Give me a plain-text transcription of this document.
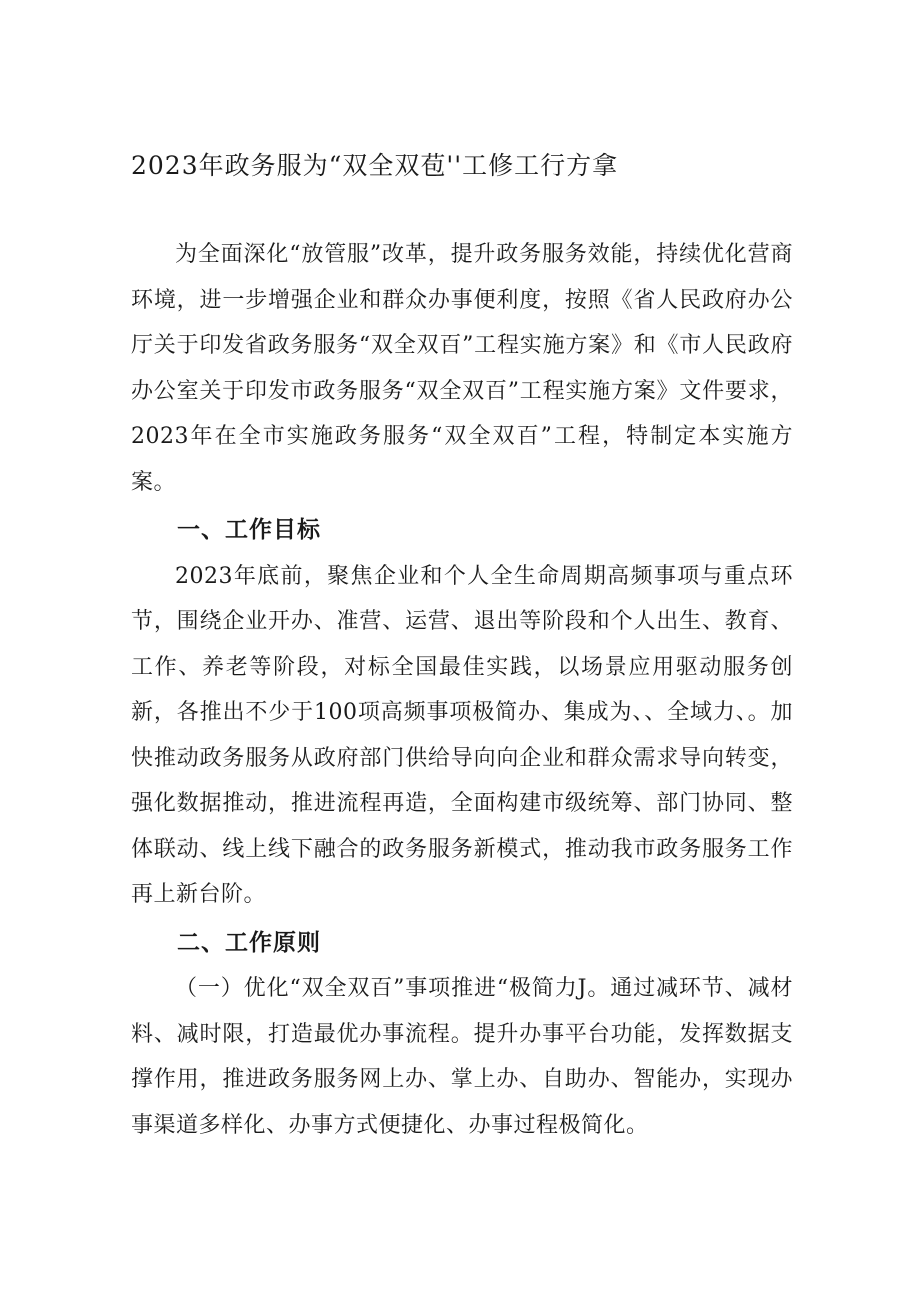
2023年政务服为“双全双苞''工修工行方拿

为全面深化“放管服”改革，提升政务服务效能，持续优化营商环境，进一步增强企业和群众办事便利度，按照《省人民政府办公厅关于印发省政务服务“双全双百”工程实施方案》和《市人民政府办公室关于印发市政务服务“双全双百”工程实施方案》文件要求，2023年在全市实施政务服务“双全双百”工程，特制定本实施方案。

一、工作目标

2023年底前，聚焦企业和个人全生命周期高频事项与重点环节，围绕企业开办、准营、运营、退出等阶段和个人出生、教育、工作、养老等阶段，对标全国最佳实践，以场景应用驱动服务创新，各推出不少于100项高频事项极简办、集成为、、全域力、。加快推动政务服务从政府部门供给导向向企业和群众需求导向转变，强化数据推动，推进流程再造，全面构建市级统筹、部门协同、整体联动、线上线下融合的政务服务新模式，推动我市政务服务工作再上新台阶。

二、工作原则

（一）优化“双全双百”事项推进“极简力J。通过减环节、减材料、减时限，打造最优办事流程。提升办事平台功能，发挥数据支撑作用，推进政务服务网上办、掌上办、自助办、智能办，实现办事渠道多样化、办事方式便捷化、办事过程极简化。
